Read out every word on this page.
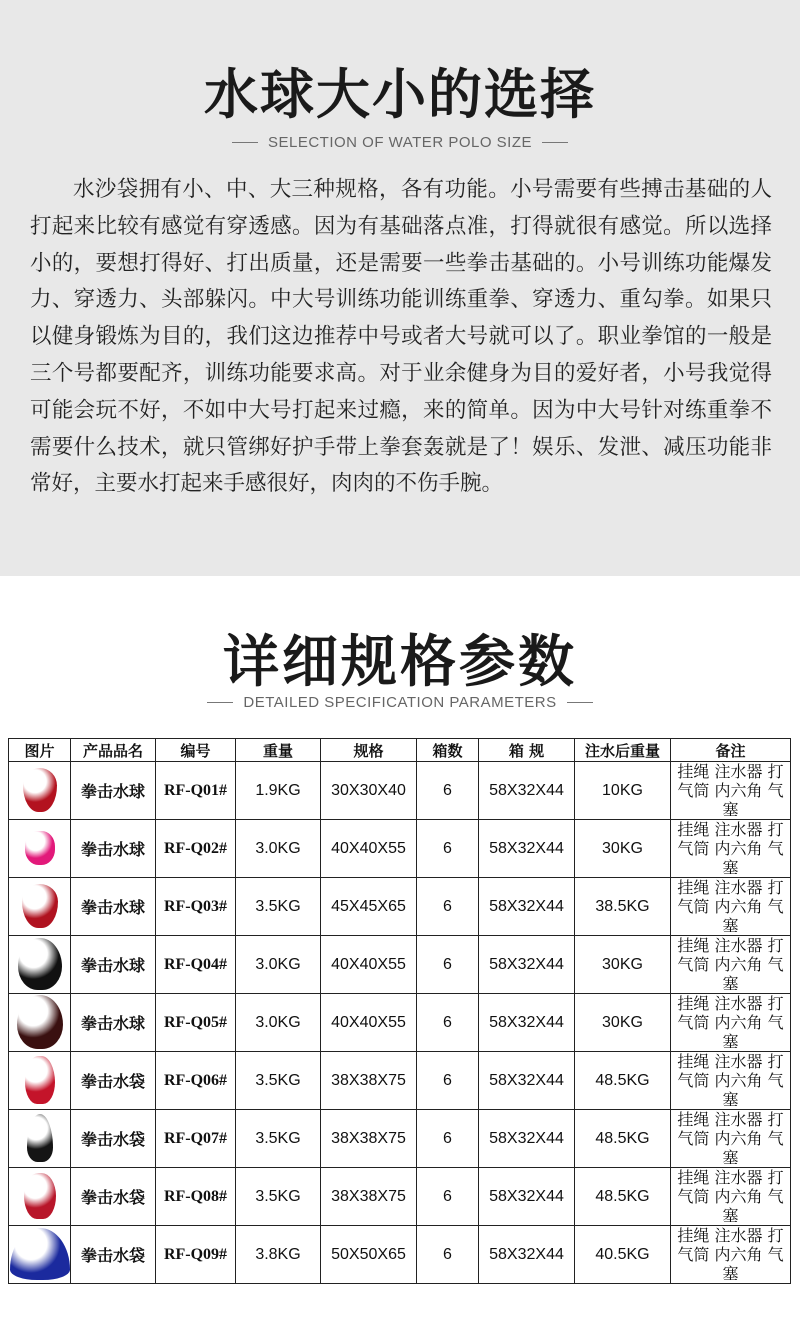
水球大小的选择
SELECTION OF WATER POLO SIZE

水沙袋拥有小、中、大三种规格，各有功能。小号需要有些搏击基础的人打起来比较有感觉有穿透感。因为有基础落点准，打得就很有感觉。所以选择小的，要想打得好、打出质量，还是需要一些拳击基础的。小号训练功能爆发力、穿透力、头部躲闪。中大号训练功能训练重拳、穿透力、重勾拳。如果只以健身锻炼为目的，我们这边推荐中号或者大号就可以了。职业拳馆的一般是三个号都要配齐，训练功能要求高。对于业余健身为目的爱好者，小号我觉得可能会玩不好，不如中大号打起来过瘾，来的简单。因为中大号针对练重拳不需要什么技术，就只管绑好护手带上拳套轰就是了！娱乐、发泄、减压功能非常好，主要水打起来手感很好，肉肉的不伤手腕。

详细规格参数
DETAILED SPECIFICATION PARAMETERS
图片	产品品名	编号	重量	规格	箱数	箱 规	注水后重量	备注

	拳击水球	RF-Q01#	1.9KG	30X30X40	6	58X32X44	10KG	挂绳 注水器 打气筒 内六角 气塞

	拳击水球	RF-Q02#	3.0KG	40X40X55	6	58X32X44	30KG	挂绳 注水器 打气筒 内六角 气塞

	拳击水球	RF-Q03#	3.5KG	45X45X65	6	58X32X44	38.5KG	挂绳 注水器 打气筒 内六角 气塞

	拳击水球	RF-Q04#	3.0KG	40X40X55	6	58X32X44	30KG	挂绳 注水器 打气筒 内六角 气塞

	拳击水球	RF-Q05#	3.0KG	40X40X55	6	58X32X44	30KG	挂绳 注水器 打气筒 内六角 气塞

	拳击水袋	RF-Q06#	3.5KG	38X38X75	6	58X32X44	48.5KG	挂绳 注水器 打气筒 内六角 气塞

	拳击水袋	RF-Q07#	3.5KG	38X38X75	6	58X32X44	48.5KG	挂绳 注水器 打气筒 内六角 气塞

	拳击水袋	RF-Q08#	3.5KG	38X38X75	6	58X32X44	48.5KG	挂绳 注水器 打气筒 内六角 气塞

	拳击水袋	RF-Q09#	3.8KG	50X50X65	6	58X32X44	40.5KG	挂绳 注水器 打气筒 内六角 气塞
